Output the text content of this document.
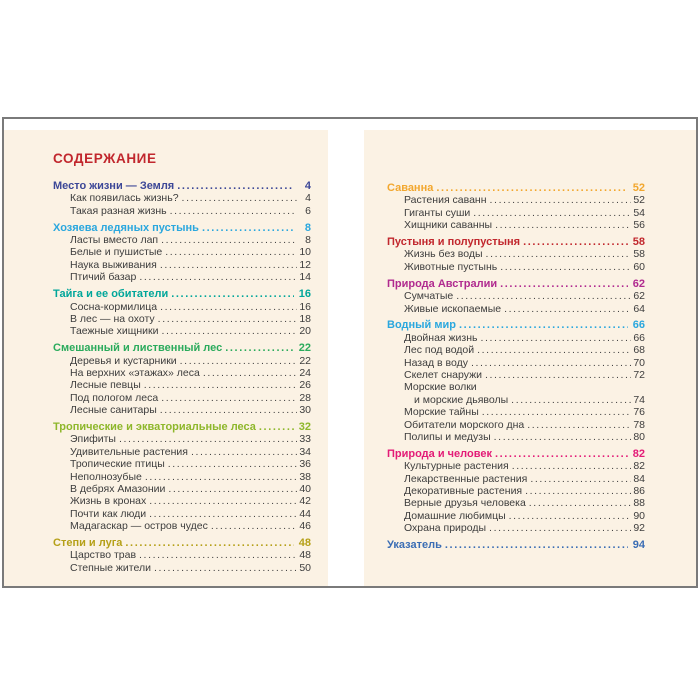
СОДЕРЖАНИЕ
Место жизни — Земля .....	4
Как появилась жизнь? .....	4
Такая разная жизнь .....	6
Хозяева ледяных пустынь .....	8
Ласты вместо лап .....	8
Белые и пушистые .....	10
Наука выживания .....	12
Птичий базар .....	14
Тайга и ее обитатели .....	16
Сосна-кормилица .....	16
В лес — на охоту .....	18
Таежные хищники .....	20
Смешанный и лиственный лес .....	22
Деревья и кустарники .....	22
На верхних «этажах» леса .....	24
Лесные певцы .....	26
Под пологом леса .....	28
Лесные санитары .....	30
Тропические и экваториальные леса .....	32
Эпифиты .....	33
Удивительные растения .....	34
Тропические птицы .....	36
Неполнозубые .....	38
В дебрях Амазонии .....	40
Жизнь в кронах .....	42
Почти как люди .....	44
Мадагаскар — остров чудес .....	46
Степи и луга .....	48
Царство трав .....	48
Степные жители .....	50
Саванна .....	52
Растения саванн .....	52
Гиганты суши .....	54
Хищники саванны .....	56
Пустыня и полупустыня .....	58
Жизнь без воды .....	58
Животные пустынь .....	60
Природа Австралии .....	62
Сумчатые .....	62
Живые ископаемые .....	64
Водный мир .....	66
Двойная жизнь .....	66
Лес под водой .....	68
Назад в воду .....	70
Скелет снаружи .....	72
Морские волки
и морские дьяволы .....	74
Морские тайны .....	76
Обитатели морского дна .....	78
Полипы и медузы .....	80
Природа и человек .....	82
Культурные растения .....	82
Лекарственные растения .....	84
Декоративные растения .....	86
Верные друзья человека .....	88
Домашние любимцы .....	90
Охрана природы .....	92
Указатель .....	94
